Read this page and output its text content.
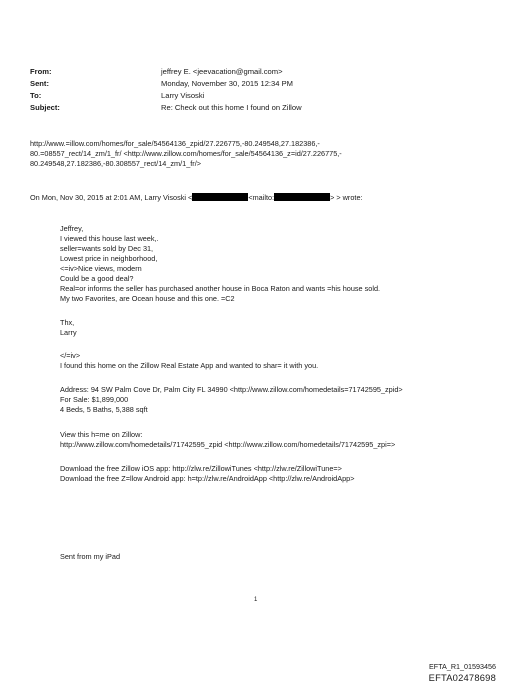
From:	jeffrey E. <jeevacation@gmail.com>
Sent:	Monday, November 30, 2015 12:34 PM
To:	Larry Visoski
Subject:	Re: Check out this home I found on Zillow
http://www.=illow.com/homes/for_sale/54564136_zpid/27.226775,-80.249548,27.182386,-
80.=08557_rect/14_zm/1_fr/ <http://www.zillow.com/homes/for_sale/54564136_z=id/27.226775,-
80.249548,27.182386,-80.308557_rect/14_zm/1_fr/>
On Mon, Nov 30, 2015 at 2:01 AM, Larry Visoski <	<mailto:	> > wrote:
Jeffrey,
I viewed this house last week,.
seller=wants sold by Dec 31,
Lowest price in neighborhood,
<=iv>Nice views, modern
Could be a good deal?
Real=or informs the seller has purchased another house in Boca Raton and wants =his house sold.
My two Favorites, are Ocean house and this one. =C2
Thx,
Larry
</=iv>
I found this home on the Zillow Real Estate App and wanted to shar= it with you.
Address: 94 SW Palm Cove Dr, Palm City FL 34990 <http://www.zillow.com/homedetails=71742595_zpid>
For Sale: $1,899,000
4 Beds, 5 Baths, 5,388 sqft
View this h=me on Zillow:
http://www.zillow.com/homedetails/71742595_zpid <http://www.zillow.com/homedetails/71742595_zpi=>
Download the free Zillow iOS app: http://zlw.re/ZillowiTunes <http://zlw.re/ZillowiTune=>
Download the free Z=llow Android app: h=tp://zlw.re/AndroidApp <http://zlw.re/AndroidApp>
Sent from my iPad
1
EFTA_R1_01593456
EFTA02478698
